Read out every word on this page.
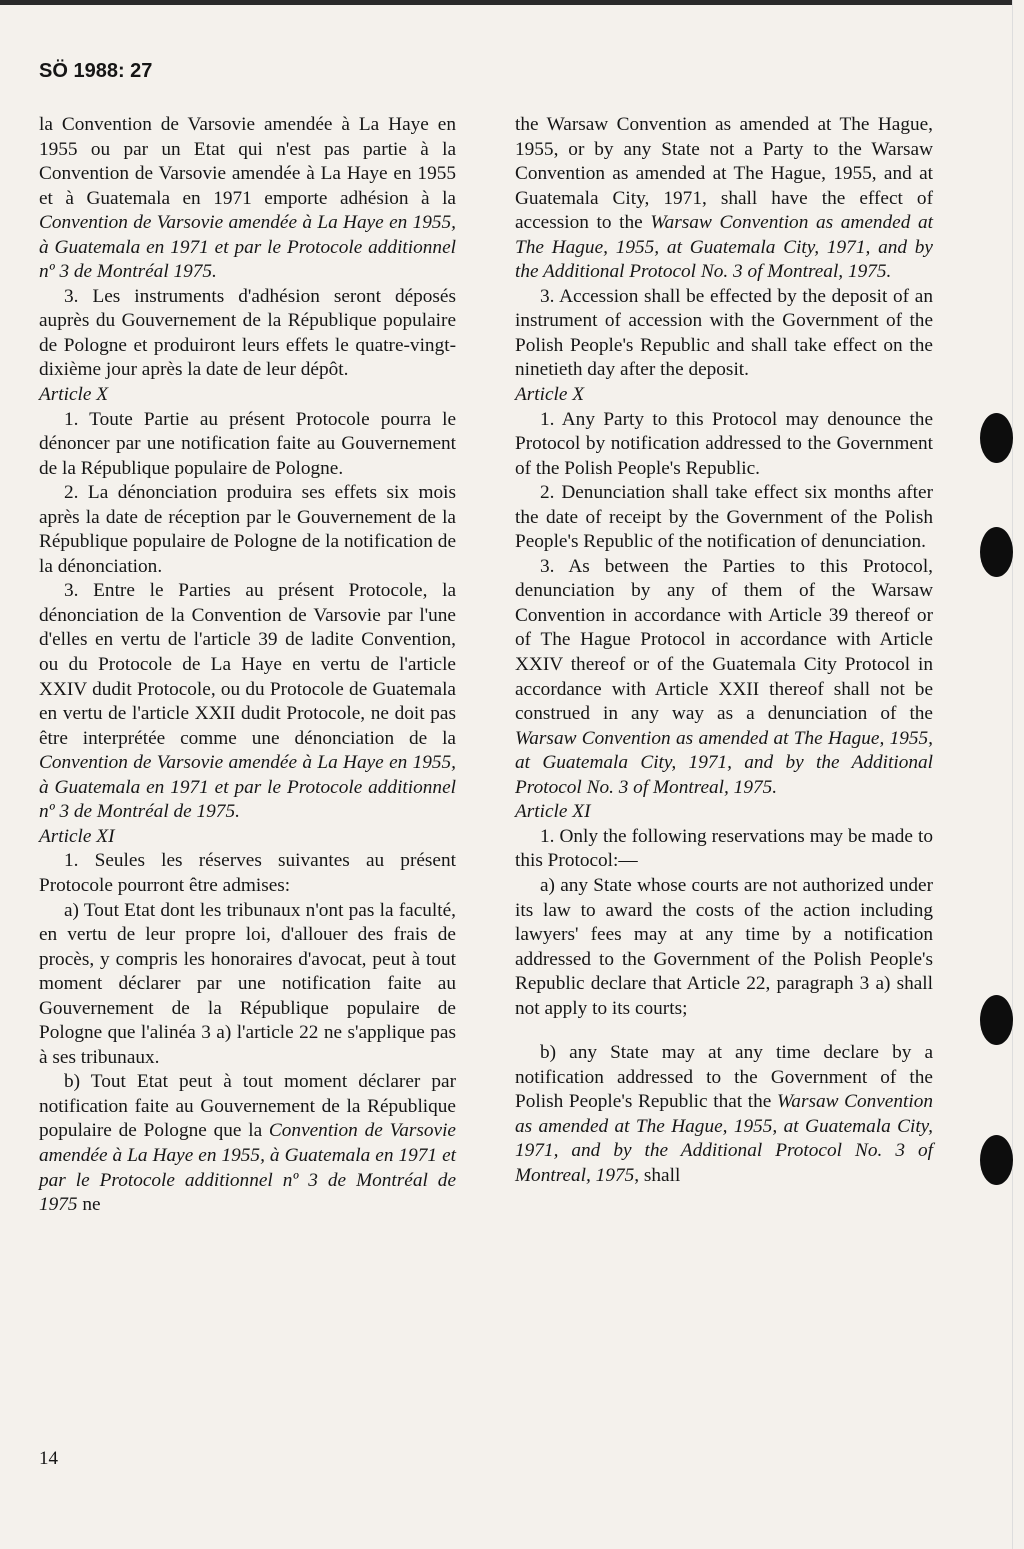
SÖ 1988: 27

la Convention de Varsovie amendée à La Haye en 1955 ou par un Etat qui n'est pas partie à la Convention de Varsovie amendée à La Haye en 1955 et à Guatemala en 1971 emporte adhésion à la Convention de Varsovie amendée à La Haye en 1955, à Guatemala en 1971 et par le Protocole additionnel nº 3 de Montréal 1975.

3. Les instruments d'adhésion seront déposés auprès du Gouvernement de la République populaire de Pologne et produiront leurs effets le quatre-vingt-dixième jour après la date de leur dépôt.

Article X

1. Toute Partie au présent Protocole pourra le dénoncer par une notification faite au Gouvernement de la République populaire de Pologne.

2. La dénonciation produira ses effets six mois après la date de réception par le Gouvernement de la République populaire de Pologne de la notification de la dénonciation.

3. Entre le Parties au présent Protocole, la dénonciation de la Convention de Varsovie par l'une d'elles en vertu de l'article 39 de ladite Convention, ou du Protocole de La Haye en vertu de l'article XXIV dudit Protocole, ou du Protocole de Guatemala en vertu de l'article XXII dudit Protocole, ne doit pas être interprétée comme une dénonciation de la Convention de Varsovie amendée à La Haye en 1955, à Guatemala en 1971 et par le Protocole additionnel nº 3 de Montréal de 1975.

Article XI

1. Seules les réserves suivantes au présent Protocole pourront être admises:

a) Tout Etat dont les tribunaux n'ont pas la faculté, en vertu de leur propre loi, d'allouer des frais de procès, y compris les honoraires d'avocat, peut à tout moment déclarer par une notification faite au Gouvernement de la République populaire de Pologne que l'alinéa 3 a) l'article 22 ne s'applique pas à ses tribunaux.

b) Tout Etat peut à tout moment déclarer par notification faite au Gouvernement de la République populaire de Pologne que la Convention de Varsovie amendée à La Haye en 1955, à Guatemala en 1971 et par le Protocole additionnel nº 3 de Montréal de 1975 ne

the Warsaw Convention as amended at The Hague, 1955, or by any State not a Party to the Warsaw Convention as amended at The Hague, 1955, and at Guatemala City, 1971, shall have the effect of accession to the Warsaw Convention as amended at The Hague, 1955, at Guatemala City, 1971, and by the Additional Protocol No. 3 of Montreal, 1975.

3. Accession shall be effected by the deposit of an instrument of accession with the Government of the Polish People's Republic and shall take effect on the ninetieth day after the deposit.

Article X

1. Any Party to this Protocol may denounce the Protocol by notification addressed to the Government of the Polish People's Republic.

2. Denunciation shall take effect six months after the date of receipt by the Government of the Polish People's Republic of the notification of denunciation.

3. As between the Parties to this Protocol, denunciation by any of them of the Warsaw Convention in accordance with Article 39 thereof or of The Hague Protocol in accordance with Article XXIV thereof or of the Guatemala City Protocol in accordance with Article XXII thereof shall not be construed in any way as a denunciation of the Warsaw Convention as amended at The Hague, 1955, at Guatemala City, 1971, and by the Additional Protocol No. 3 of Montreal, 1975.

Article XI

1. Only the following reservations may be made to this Protocol:—

a) any State whose courts are not authorized under its law to award the costs of the action including lawyers' fees may at any time by a notification addressed to the Government of the Polish People's Republic declare that Article 22, paragraph 3 a) shall not apply to its courts;

b) any State may at any time declare by a notification addressed to the Government of the Polish People's Republic that the Warsaw Convention as amended at The Hague, 1955, at Guatemala City, 1971, and by the Additional Protocol No. 3 of Montreal, 1975, shall

14
